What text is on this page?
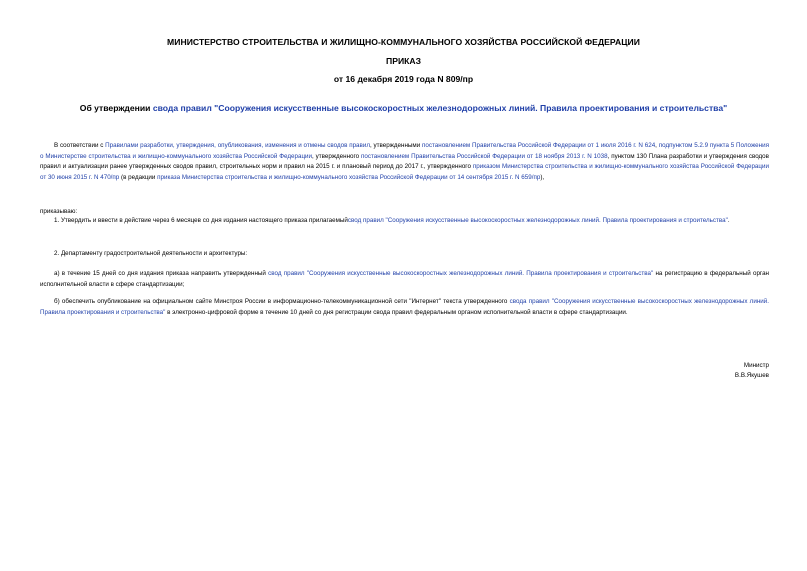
МИНИСТЕРСТВО СТРОИТЕЛЬСТВА И ЖИЛИЩНО-КОММУНАЛЬНОГО ХОЗЯЙСТВА РОССИЙСКОЙ ФЕДЕРАЦИИ
ПРИКАЗ
от 16 декабря 2019 года N 809/пр
Об утверждении свода правил "Сооружения искусственные высокоскоростных железнодорожных линий. Правила проектирования и строительства"
В соответствии с Правилами разработки, утверждения, опубликования, изменения и отмены сводов правил, утвержденными постановлением Правительства Российской Федерации от 1 июля 2016 г. N 624, подпунктом 5.2.9 пункта 5 Положения о Министерстве строительства и жилищно-коммунального хозяйства Российской Федерации, утвержденного постановлением Правительства Российской Федерации от 18 ноября 2013 г. N 1038, пунктом 130 Плана разработки и утверждения сводов правил и актуализации ранее утвержденных сводов правил, строительных норм и правил на 2015 г. и плановый период до 2017 г., утвержденного приказом Министерства строительства и жилищно-коммунального хозяйства Российской Федерации от 30 июня 2015 г. N 470/пр (в редакции приказа Министерства строительства и жилищно-коммунального хозяйства Российской Федерации от 14 сентября 2015 г. N 659/пр),
приказываю:
1. Утвердить и ввести в действие через 6 месяцев со дня издания настоящего приказа прилагаемыйсвод правил "Сооружения искусственные высокоскоростных железнодорожных линий. Правила проектирования и строительства".
2. Департаменту градостроительной деятельности и архитектуры:
а) в течение 15 дней со дня издания приказа направить утвержденный свод правил "Сооружения искусственные высокоскоростных железнодорожных линий. Правила проектирования и строительства" на регистрацию в федеральный орган исполнительной власти в сфере стандартизации;
б) обеспечить опубликование на официальном сайте Минстроя России в информационно-телекоммуникационной сети "Интернет" текста утвержденного свода правил "Сооружения искусственные высокоскоростных железнодорожных линий. Правила проектирования и строительства" в электронно-цифровой форме в течение 10 дней со дня регистрации свода правил федеральным органом исполнительной власти в сфере стандартизации.
Министр
В.В.Якушев
